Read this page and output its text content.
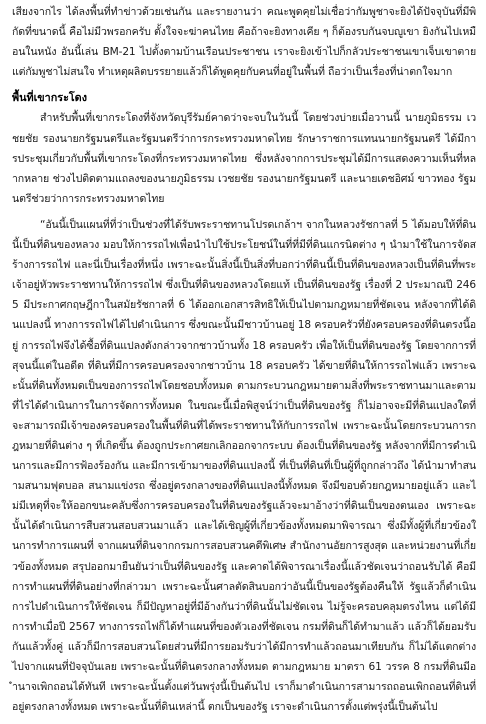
เสียงจากไร ได้ลงพื้นที่ทำข่าวด้วยเช่นกัน และรายงานว่า คณะพูดคุยไม่เชื่อว่ากัมพูชาจะยิงได้ปัจจุบันที่มีพิกัดที่ขนาดนี้ คือไม่มีวพรอกครับ ตั้งใจจะฆ่าคนไทย คือถ้าจะยิงทางเคีย ๆ ก็ต้องรบกันจบญูเขา ยิงกันไปเหมือนในหนัง อันนี้เล่น BM-21 ไปตั้งตามบ้านเรือนประชาชน เราจะยิงเข้าไปก็กลัวประชาชนเขาเจ็บเขาตาย แต่กัมพูชาไม่สนใจ ทำเหตุผลิตบรรยายแล้วก็ได้พูดคุยกับคนที่อยู่ในพื้นที่ ถือว่าเป็นเรื่องที่น่าตกใจมาก

พื้นที่เขากระโดง

สำหรับพื้นที่เขากระโดงที่จังหวัดบุรีรัมย์คาดว่าจะจบในวันนี้ โดยช่วงบ่ายเมื่อวานนี้ นายภูมิธรรม เวชยชัย รองนายกรัฐมนตรีและรัฐมนตรีว่าการกระทรวงมหาดไทย รักษาราชการแทนนายกรัฐมนตรี ได้มีการประชุมเกี่ยวกับพื้นที่เขากระโดงที่กระทรวงมหาดไทย ซึ่งหลังจากการประชุมได้มีการแสดงความเห็นที่หลากหลาย ช่วงไปติดตามแถลงของนายภูมิธรรม เวชยชัย รองนายกรัฐมนตรี และนายเดชอิศม์ ขาวทอง รัฐมนตรีช่วยว่าการกระทรวงมหาดไทย

“อันนี้เป็นแผนที่ที่ว่าเป็นช่วงที่ได้รับพระราชทานโปรดเกล้าฯ จากในหลวงรัชกาลที่ 5 ได้มอบให้ที่ดินนี้เป็นที่ดินของหลวง มอบให้การรถไฟเพื่อนำไปใช้ประโยชน์ในที่ที่มีที่ดินแกรนิตต่าง ๆ นำมาใช้ในการจัดสร้างการรถไฟ และนี่เป็นเรื่องที่หนึ่ง เพราะฉะนั้นสิ่งนี้เป็นสิ่งที่บอกว่าที่ดินนี้เป็นที่ดินของหลวงเป็นที่ดินที่พระเจ้าอยู่หัวพระราชทานให้การรถไฟ ซึ่งเป็นที่ดินของหลวงโดยแท้ เป็นที่ดินของรัฐ เรื่องที่ 2 ประมาณปี 2465 มีประกาศกฤษฎีกาในสมัยรัชกาลที่ 6 ได้ออกเอกสารสิทธิให้เป็นไปตามกฎหมายที่ชัดเจน หลังจากที่ได้ดินแปลงนี้ ทางการรถไฟได้ไปดำเนินการ ซึ่งขณะนั้นมีชาวบ้านอยู่ 18 ครอบครัวที่ยังครอบครองที่ดินตรงนี้อยู่ การรถไฟจึงได้ซื้อที่ดินแปลงดังกล่าวจากชาวบ้านทั้ง 18 ครอบครัว เพื่อให้เป็นที่ดินของรัฐ โดยจากการที่สุจนนี้แต่ในอดีต ที่ดินที่มีการครอบครองจากชาวบ้าน 18 ครอบครัว ได้ขายที่ดินให้การรถไฟแล้ว เพราะฉะนั้นที่ดินทั้งหมดเป็นของการรถไฟโดยชอบทั้งหมด ตามกระบวนกฎหมายตามสิ่งที่พระราชทานมาและตามที่ไรได้ดำเนินการในการจัดการทั้งหมด ในขณะนี้เมื่อพิสูจน์ว่าเป็นที่ดินของรัฐ ก็ไม่อาจจะมีที่ดินแปลงใดที่จะสามารถมีเจ้าของครอบครองในพื้นที่ดินที่ได้พระราชทานให้กับการรถไฟ เพราะฉะนั้นโดยกระบวนการกฎหมายที่ดินต่าง ๆ ที่เกิดขึ้น ต้องถูกประกาศยกเลิกออกจากระบบ ต้องเป็นที่ดินของรัฐ หลังจากที่มีการดำเนินการและมีการฟ้องร้องกัน และมีการเข้ามาของที่ดินแปลงนี้ ที่เป็นที่ดินที่เป็นผู้ที่ถูกกล่าวถึง ได้นำมาทำสนามสนามฟุตบอล สนามแข่งรถ ซึ่งอยู่ตรงกลางของที่ดินแปลงนี้ทั้งหมด จึงมีขอบด้วยกฎหมายอยู่แล้ว และไม่มีเหตุที่จะให้ออกขนะคลับซึ่งการครอบครองในที่ดินของรัฐแล้วจะมาอ้างว่าที่ดินเป็นของตนเอง เพราะฉะนั้นได้ดำเนินการสืบสวนสอบสวนมาแล้ว และได้เชิญผู้ที่เกี่ยวข้องทั้งหมดมาพิจารณา ซึ่งมีทั้งผู้ที่เกี่ยวข้องในการทำการแผนที่ จากแผนที่ดินจากกรมการสอบสวนคดีพิเศษ สำนักงานอัยการสูงสุด และหน่วยงานที่เกี่ยวข้องทั้งหมด สรุปออกมายืนยันว่าเป็นที่ดินของรัฐ และคาดได้พิจารณาเรื่องนี้แล้วชัดเจนว่าถอนรับได้ คือมีการทำแผนที่ที่ดินอย่างที่กล่าวมา เพราะฉะนั้นศาลตัดสินบอกว่าอันนี้เป็นของรัฐต้องคืนให้ รัฐแล้วก็ดำเนินการไปดำเนินการให้ชัดเจน ก็มีปัญหาอยู่ที่มีอ้างกันว่าที่ดินนั้นไม่ชัดเจน ไม่รู้จะครอบคลุมตรงไหน แต่ได้มีการทำเมื่อปี 2567 ทางการรถไฟก็ได้ทำแผนที่ของตัวเองที่ชัดเจน กรมที่ดินก็ได้ทำมาแล้ว แล้วก็ได้ยอมรับกันแล้วทั้งคู่ แล้วก็มีการสอบสวนโดยส่วนที่มีการยอมรับว่าได้มีการทำแล้วถอนมาเทียบกัน ก็ไม่ได้แตกต่างไปจากแผนที่ปัจจุบันเลย เพราะฉะนั้นที่ดินตรงกลางทั้งหมด ตามกฎหมาย มาตรา 61 วรรค 8 กรมที่ดินมีอำนาจเพิกถอนได้ทันที เพราะฉะนั้นตั้งแต่วันพรุ่งนี้เป็นต้นไป เราก็มาดำเนินการสามารถถอนเพิกถอนที่ดินที่อยู่ตรงกลางทั้งหมด เพราะฉะนั้นที่ดินเหล่านี้ ตกเป็นของรัฐ เราจะดำเนินการตั้งแต่พรุ่งนี้เป็นต้นไป
